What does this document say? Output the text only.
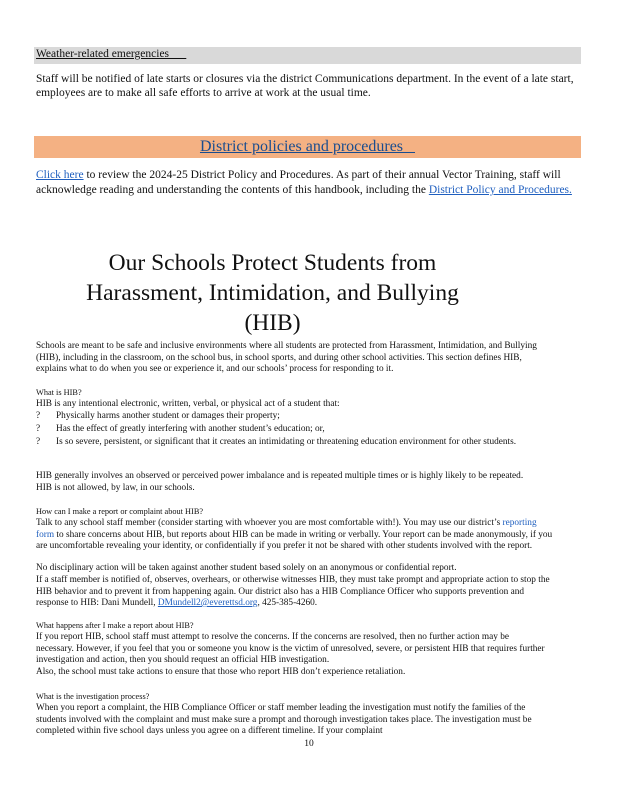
Weather-related emergencies
Staff will be notified of late starts or closures via the district Communications department. In the event of a late start, employees are to make all safe efforts to arrive at work at the usual time.
District policies and procedures
Click here to review the 2024-25 District Policy and Procedures. As part of their annual Vector Training, staff will acknowledge reading and understanding the contents of this handbook, including the District Policy and Procedures.
Our Schools Protect Students from
Harassment, Intimidation, and Bullying
(HIB)
Schools are meant to be safe and inclusive environments where all students are protected from Harassment, Intimidation, and Bullying (HIB), including in the classroom, on the school bus, in school sports, and during other school activities. This section defines HIB, explains what to do when you see or experience it, and our schools’ process for responding to it.
What is HIB?
HIB is any intentional electronic, written, verbal, or physical act of a student that:
? Physically harms another student or damages their property;
? Has the effect of greatly interfering with another student’s education; or,
? Is so severe, persistent, or significant that it creates an intimidating or threatening education environment for other students.
HIB generally involves an observed or perceived power imbalance and is repeated multiple times or is highly likely to be repeated. HIB is not allowed, by law, in our schools.
How can I make a report or complaint about HIB?
Talk to any school staff member (consider starting with whoever you are most comfortable with!). You may use our district’s reporting form to share concerns about HIB, but reports about HIB can be made in writing or verbally. Your report can be made anonymously, if you are uncomfortable revealing your identity, or confidentially if you prefer it not be shared with other students involved with the report.
No disciplinary action will be taken against another student based solely on an anonymous or confidential report.
If a staff member is notified of, observes, overhears, or otherwise witnesses HIB, they must take prompt and appropriate action to stop the HIB behavior and to prevent it from happening again. Our district also has a HIB Compliance Officer who supports prevention and response to HIB: Dani Mundell, DMundell2@everettsd.org, 425-385-4260.
What happens after I make a report about HIB?
If you report HIB, school staff must attempt to resolve the concerns. If the concerns are resolved, then no further action may be necessary. However, if you feel that you or someone you know is the victim of unresolved, severe, or persistent HIB that requires further investigation and action, then you should request an official HIB investigation.
Also, the school must take actions to ensure that those who report HIB don’t experience retaliation.
What is the investigation process?
When you report a complaint, the HIB Compliance Officer or staff member leading the investigation must notify the families of the students involved with the complaint and must make sure a prompt and thorough investigation takes place. The investigation must be completed within five school days unless you agree on a different timeline. If your complaint
10
